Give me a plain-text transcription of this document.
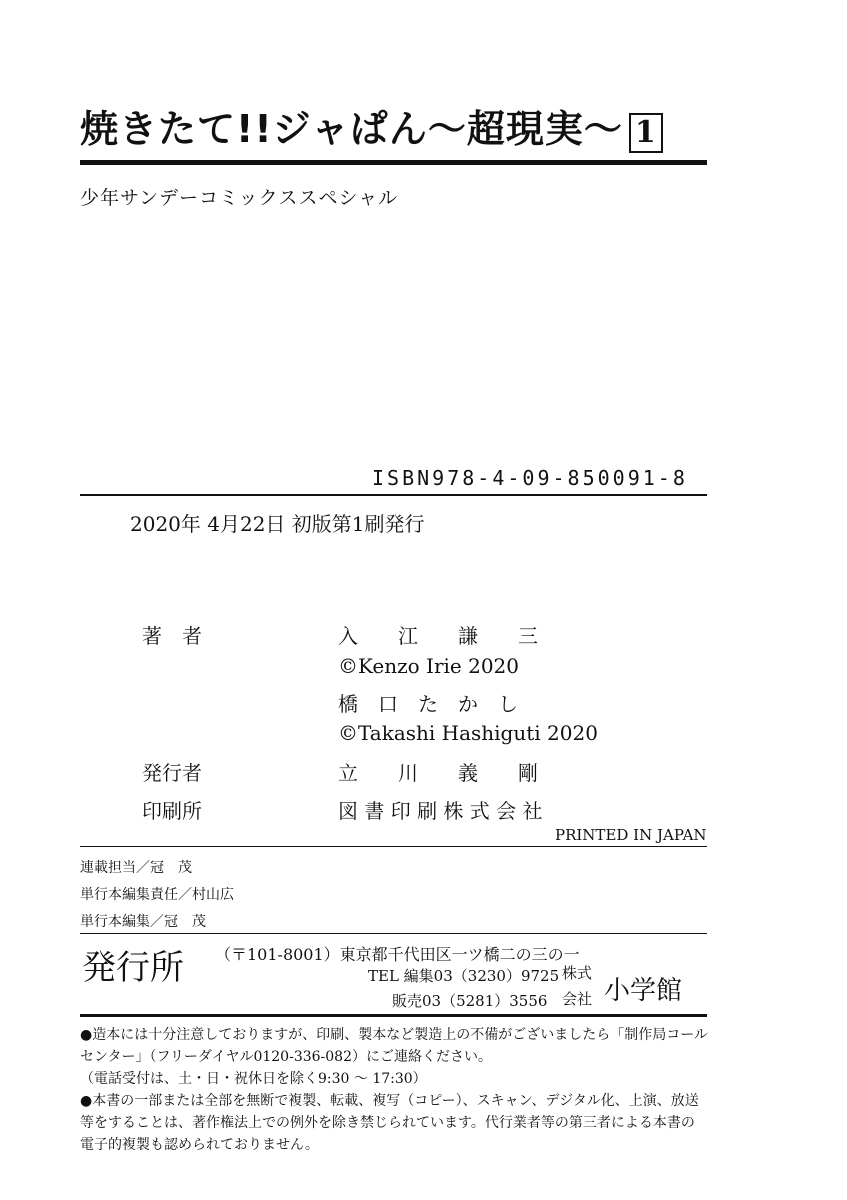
焼きたて!!ジャぱん〜超現実〜 1
少年サンデーコミックススペシャル
ISBN978-4-09-850091-8
2020年 4月22日 初版第1刷発行
著　者	入　　江　　謙　　三
©Kenzo Irie 2020
橋　口　た　か　し
©Takashi Hashiguti 2020
発行者	立　　川　　義　　剛
印刷所	図 書 印 刷 株 式 会 社
PRINTED IN JAPAN
連載担当／冠　茂
単行本編集責任／村山広
単行本編集／冠　茂
発行所 （〒101-8001）東京都千代田区一ツ橋二の三の一
TEL 編集03（3230）9725
販売03（5281）3556
株式
会社 小学館
●造本には十分注意しておりますが、印刷、製本など製造上の不備がございましたら「制作局コール
センター」（フリーダイヤル0120-336-082）にご連絡ください。
（電話受付は、土・日・祝休日を除く9:30 〜 17:30）
●本書の一部または全部を無断で複製、転載、複写（コピー）、スキャン、デジタル化、上演、放送
等をすることは、著作権法上での例外を除き禁じられています。代行業者等の第三者による本書の
電子的複製も認められておりません。
